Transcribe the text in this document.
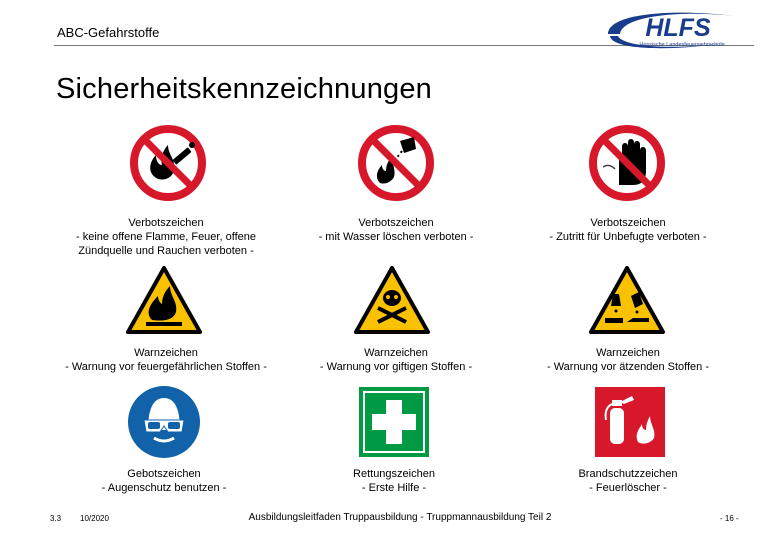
ABC-Gefahrstoffe	HLFS
Hessische Landesfeuerwehrschule
Sicherheitskennzeichnungen
Verbotszeichen
- keine offene Flamme, Feuer, offene
Zündquelle und Rauchen verboten -
Verbotszeichen
- mit Wasser löschen verboten -
Verbotszeichen
- Zutritt für Unbefugte verboten -
Warnzeichen
- Warnung vor feuergefährlichen Stoffen -
Warnzeichen
- Warnung vor giftigen Stoffen -
Warnzeichen
- Warnung vor ätzenden Stoffen -
Gebotszeichen
- Augenschutz benutzen -
Rettungszeichen
- Erste Hilfe -
Brandschutzzeichen
- Feuerlöscher -
3.3 10/2020	Ausbildungsleitfaden Truppausbildung - Truppmannausbildung Teil 2	- 16 -
